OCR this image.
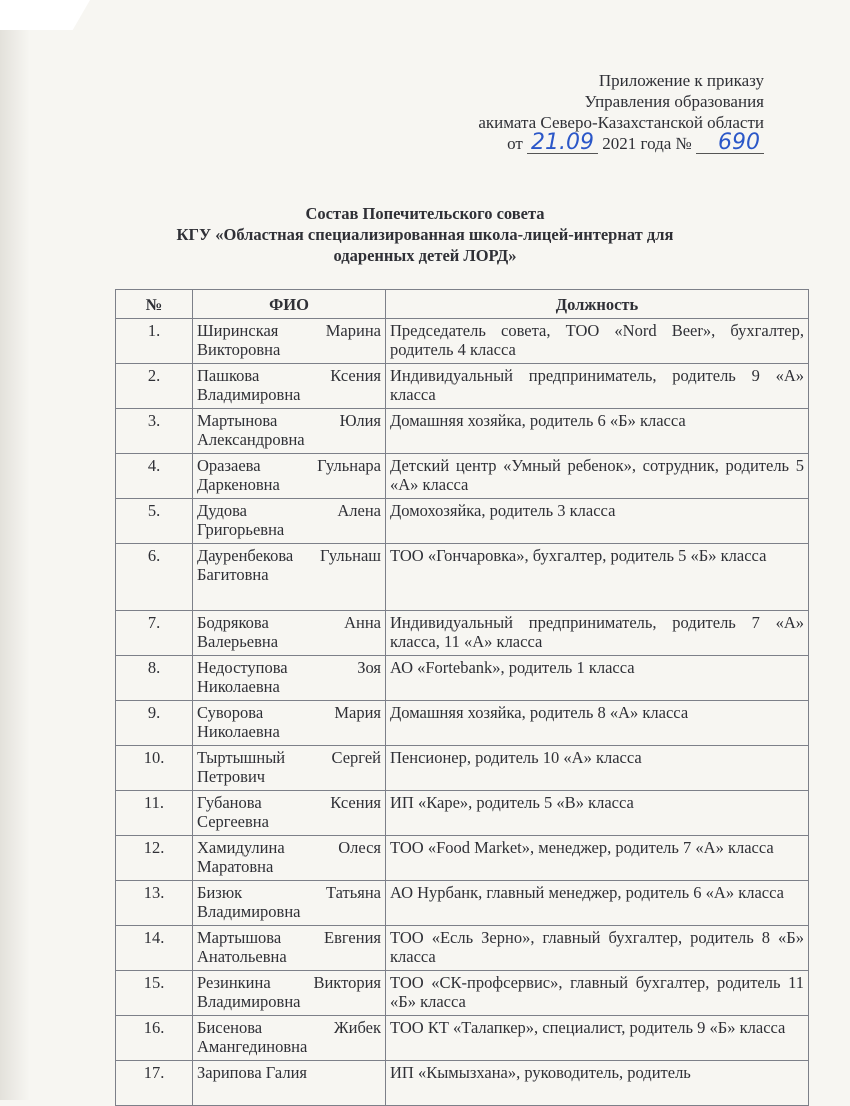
Приложение к приказу
Управления образования
акимата Северо-Казахстанской области
от 21.09 2021 года № 690
Состав Попечительского совета
КГУ «Областная специализированная школа-лицей-интернат для
одаренных детей ЛОРД»
№	ФИО	Должность
1.	Ширинская Марина Викторовна	Председатель совета, ТОО «Nord Beer», бухгалтер, родитель 4 класса
2.	Пашкова Ксения Владимировна	Индивидуальный предприниматель, родитель 9 «А» класса
3.	Мартынова Юлия Александровна	Домашняя хозяйка, родитель 6 «Б» класса
4.	Оразаева Гульнара Даркеновна	Детский центр «Умный ребенок», сотрудник, родитель 5 «А» класса
5.	Дудова Алена Григорьевна	Домохозяйка, родитель 3 класса
6.	Дауренбекова Гульнаш Багитовна	ТОО «Гончаровка», бухгалтер, родитель 5 «Б» класса
7.	Бодрякова Анна Валерьевна	Индивидуальный предприниматель, родитель 7 «А» класса, 11 «А» класса
8.	Недоступова Зоя Николаевна	АО «Fortebank», родитель 1 класса
9.	Суворова Мария Николаевна	Домашняя хозяйка, родитель 8 «А» класса
10.	Тыртышный Сергей Петрович	Пенсионер, родитель 10 «А» класса
11.	Губанова Ксения Сергеевна	ИП «Каре», родитель 5 «В» класса
12.	Хамидулина Олеся Маратовна	ТОО «Food Market», менеджер, родитель 7 «А» класса
13.	Бизюк Татьяна Владимировна	АО Нурбанк, главный менеджер, родитель 6 «А» класса
14.	Мартышова Евгения Анатольевна	ТОО «Есль Зерно», главный бухгалтер, родитель 8 «Б» класса
15.	Резинкина Виктория Владимировна	ТОО «СК-профсервис», главный бухгалтер, родитель 11 «Б» класса
16.	Бисенова Жибек Амангединовна	ТОО КТ «Талапкер», специалист, родитель 9 «Б» класса
17.	Зарипова Галия	ИП «Кымызхана», руководитель, родитель
